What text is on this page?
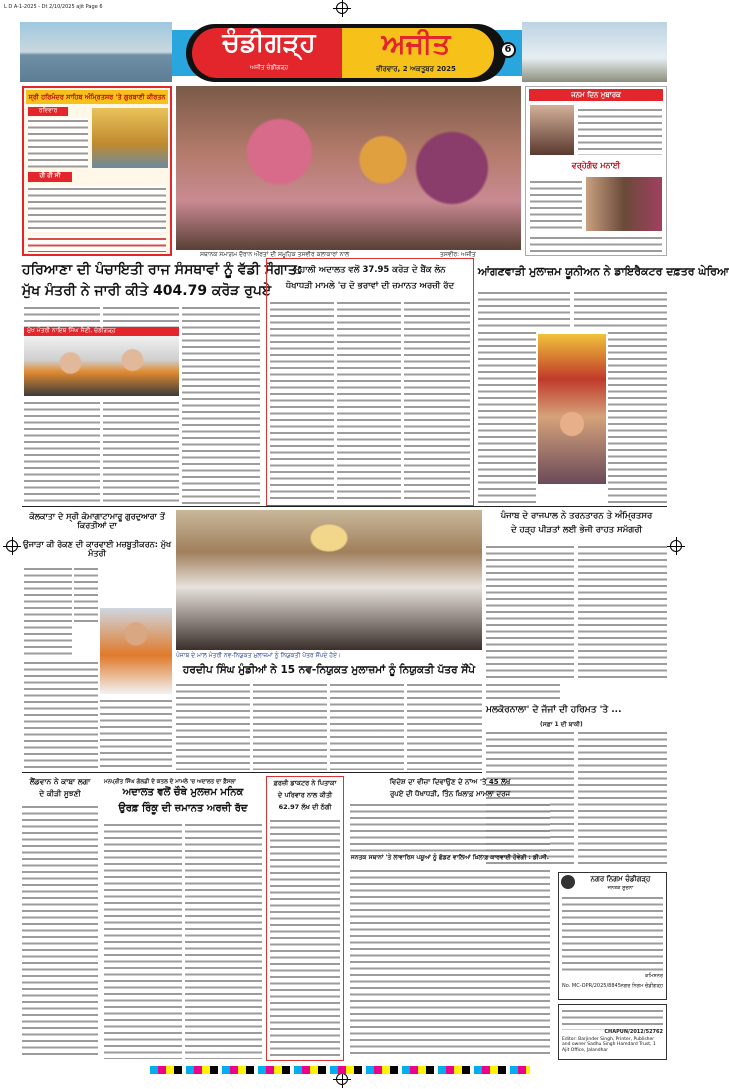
L D A-1-2025 - Dt 2/10/2025 ajit Page 6
ਚੰਡੀਗੜ੍ਹ
ਅਜੀਤ ਚੰਡੀਗੜ੍ਹ
ਅਜੀਤ
ਵੀਰਵਾਰ, 2 ਅਕਤੂਬਰ 2025
6
ਸ੍ਰੀ ਹਰਿਮੰਦਰ ਸਾਹਿਬ ਅੰਮ੍ਰਿਤਸਰ 'ਤੇ ਗੁਰਬਾਣੀ ਕੀਰਤਨ
ਰਵਿਵਾਰ
ਹੀ ਹੀ ਸੀ
ਸਥਾਨਕ ਸਮਾਗਮ ਦੌਰਾਨ ਔਰਤਾਂ ਦੀ ਸਮੂਹਿਕ ਤਸਵੀਰ ਕਲਾਕਾਰਾਂ ਨਾਲ	ਤਸਵੀਰ: ਅਜੀਤ
ਜਨਮ ਦਿਨ ਮੁਬਾਰਕ
ਵਰ੍ਹੇਗੰਢ ਮਨਾਈ
ਹਰਿਆਣਾ ਦੀ ਪੰਚਾਇਤੀ ਰਾਜ ਸੰਸਥਾਵਾਂ ਨੂੰ ਵੱਡੀ ਸੌਗਾਤ:
ਮੁੱਖ ਮੰਤਰੀ ਨੇ ਜਾਰੀ ਕੀਤੇ 404.79 ਕਰੋੜ ਰੁਪਏ
ਮੁਹਾਲੀ ਅਦਾਲਤ ਵਲੋਂ 37.95 ਕਰੋੜ ਦੇ ਬੈਂਕ ਲੋਨ
ਧੋਖਾਧੜੀ ਮਾਮਲੇ 'ਚ ਦੋ ਭਰਾਵਾਂ ਦੀ ਜ਼ਮਾਨਤ ਅਰਜ਼ੀ ਰੱਦ
ਆਂਗਣਵਾੜੀ ਮੁਲਾਜ਼ਮ ਯੂਨੀਅਨ ਨੇ ਡਾਇਰੈਕਟਰ ਦਫ਼ਤਰ ਘੇਰਿਆ
ਮੁੱਖ ਮੰਤਰੀ ਨਾਇਬ ਸਿੰਘ ਸੈਣੀ, ਚੰਡੀਗੜ੍ਹ
ਕੋਲਕਾਤਾ ਦੇ ਸ੍ਰੀ ਕੋਮਾਗਾਟਾਮਾਰੂ ਗੁਰਦੁਆਰਾ ਤੋਂ ਕਿਰਤੀਆਂ ਦਾ
ਉਜਾੜਾ ਕੀ ਰੋਕਣ ਦੀ ਕਾਰਵਾਈ ਮਜ਼ਬੂਤੀਕਰਨ: ਮੁੱਖ ਮੰਤਰੀ
ਪੰਜਾਬ ਦੇ ਮਾਲ ਮੰਤਰੀ ਨਵ-ਨਿਯੁਕਤ ਮੁਲਾਜ਼ਮਾਂ ਨੂੰ ਨਿਯੁਕਤੀ ਪੱਤਰ ਸੌਂਪਦੇ ਹੋਏ।
ਹਰਦੀਪ ਸਿੰਘ ਮੁੰਡੀਆਂ ਨੇ 15 ਨਵ-ਨਿਯੁਕਤ ਮੁਲਾਜ਼ਮਾਂ ਨੂੰ ਨਿਯੁਕਤੀ ਪੱਤਰ ਸੌਂਪੇ
ਪੰਜਾਬ ਦੇ ਰਾਜਪਾਲ ਨੇ ਤਰਨਤਾਰਨ ਤੇ ਅੰਮ੍ਰਿਤਸਰ
ਦੇ ਹੜ੍ਹ ਪੀੜਤਾਂ ਲਈ ਭੇਜੀ ਰਾਹਤ ਸਮੱਗਰੀ
ਮਲਕੋਰਨਾਲਾ' ਦੇ ਜੱਜਾਂ ਦੀ ਹਰਿਮਤ 'ਤੇ ...
(ਸਫ਼ਾ 1 ਦੀ ਬਾਕੀ)
ਲੈਂਡਵਾਨ ਨੇ ਕਾਬਾ ਲਗਾ
ਦੇ ਕੀੜੀ ਸੂਝਣੀ
ਮਨਪ੍ਰੀਤ ਸਿੰਘ ਗੋਲਡੀ ਦੇ ਕਤਲ ਦੇ ਮਾਮਲੇ 'ਚ ਅਦਾਲਤ ਦਾ ਫ਼ੈਸਲਾ
ਅਦਾਲਤ ਵਲੋਂ ਚੌਥੇ ਮੁਲਜ਼ਮ ਮਨਿਕ
ਉਰਫ਼ ਰਿੰਕੂ ਦੀ ਜ਼ਮਾਨਤ ਅਰਜ਼ੀ ਰੱਦ
ਫ਼ਰਜ਼ੀ ਡਾਕਟਰ ਨੇ ਪਿਤਾਕਾ
ਦੇ ਪਰਿਵਾਰ ਨਾਲ ਕੀਤੀ
62.97 ਲੱਖ ਦੀ ਠੱਗੀ
ਵਿਦੇਸ਼ ਦਾ ਵੀਜ਼ਾ ਦਿਵਾਉਣ ਦੇ ਨਾਂਅ 'ਤੇ 45 ਲੱਖ
ਰੁਪਏ ਦੀ ਧੋਖਾਧੜੀ, ਤਿੰਨ ਖ਼ਿਲਾਫ਼ ਮਾਮਲਾ ਦਰਜ
ਜਨਤਕ ਸਥਾਨਾਂ 'ਤੇ ਲਾਵਾਰਿਸ ਪਸ਼ੂਆਂ ਨੂੰ ਛੱਡਣ ਵਾਲਿਆਂ ਖ਼ਿਲਾਫ਼ ਕਾਰਵਾਈ ਹੋਵੇਗੀ : ਡੀ.ਸੀ.
ਨਗਰ ਨਿਗਮ ਚੰਡੀਗੜ੍ਹ
ਜਨਤਕ ਸੂਚਨਾ
ਕਮਿਸ਼ਨਰ
No. MC-OPR/2025/8845 ਨਗਰ ਨਿਗਮ ਚੰਡੀਗੜ੍ਹ
CHAPUN/2012/52762
Editor: Barjinder Singh, Printer, Publisher and owner Sadhu Singh Hamdard Trust, 1 Ajit Office, Jalandhar
